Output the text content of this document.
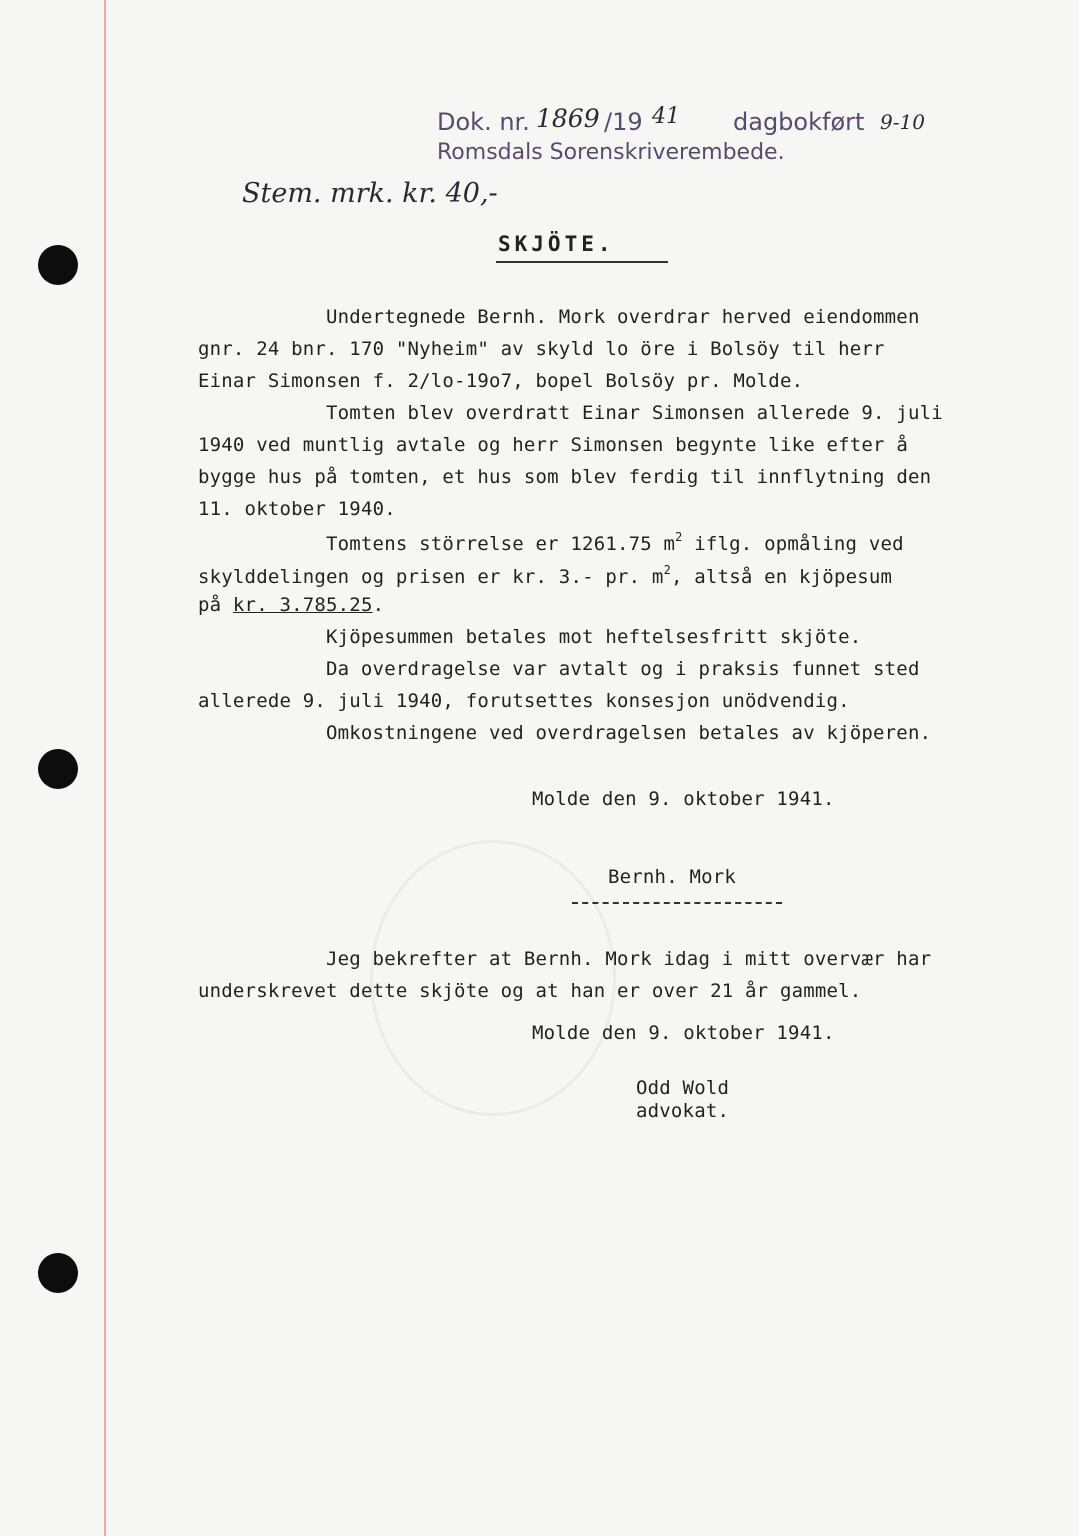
Dok. nr. 1869 /19 41 dagbokført 9-10
Romsdals Sorenskriverembede.
Stem. mrk. kr. 40,-
SKJÖTE.
Undertegnede Bernh. Mork overdrar herved eiendommen
gnr. 24 bnr. 170 "Nyheim" av skyld lo öre i Bolsöy til herr
Einar Simonsen f. 2/lo-19o7, bopel Bolsöy pr. Molde.
Tomten blev overdratt Einar Simonsen allerede 9. juli
1940 ved muntlig avtale og herr Simonsen begynte like efter å
bygge hus på tomten, et hus som blev ferdig til innflytning den
11. oktober 1940.
Tomtens störrelse er 1261.75 $m^2$ iflg. opmåling ved
skylddelingen og prisen er kr. 3.- pr. $m^2$, altså en kjöpesum
på kr. 3.785.25.
Kjöpesummen betales mot heftelsesfritt skjöte.
Da overdragelse var avtalt og i praksis funnet sted
allerede 9. juli 1940, forutsettes konsesjon unödvendig.
Omkostningene ved overdragelsen betales av kjöperen.
Molde den 9. oktober 1941.
Bernh. Mork
Jeg bekrefter at Bernh. Mork idag i mitt overvær har
underskrevet dette skjöte og at han er over 21 år gammel.
Molde den 9. oktober 1941.
Odd Wold
advokat.
